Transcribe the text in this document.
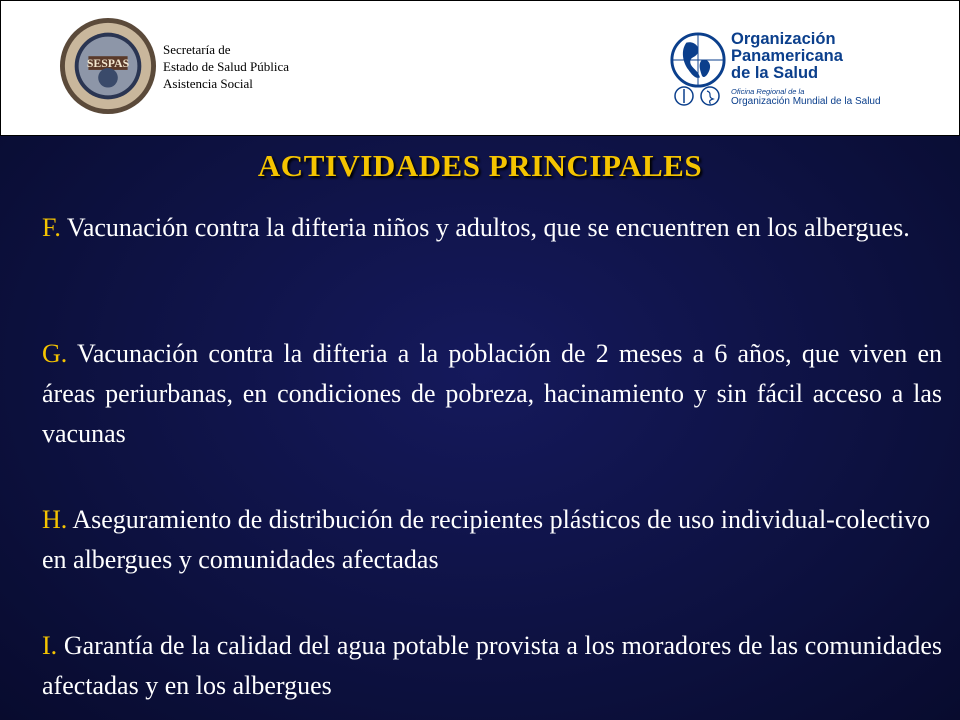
SESPAS
Secretaría de
Estado de Salud Pública
Asistencia Social
Organización
Panamericana
de la Salud
Oficina Regional de la
Organización Mundial de la Salud
ACTIVIDADES PRINCIPALES
F. Vacunación contra la difteria niños y adultos, que se encuentren en los albergues.
G. Vacunación contra la difteria a la población de 2 meses a 6 años, que viven en áreas periurbanas, en condiciones de pobreza, hacinamiento y sin fácil acceso a las vacunas
H. Aseguramiento de distribución de recipientes plásticos de uso individual-colectivo en albergues y comunidades afectadas
I. Garantía de la calidad del agua potable provista a los moradores de las comunidades afectadas y en los albergues
